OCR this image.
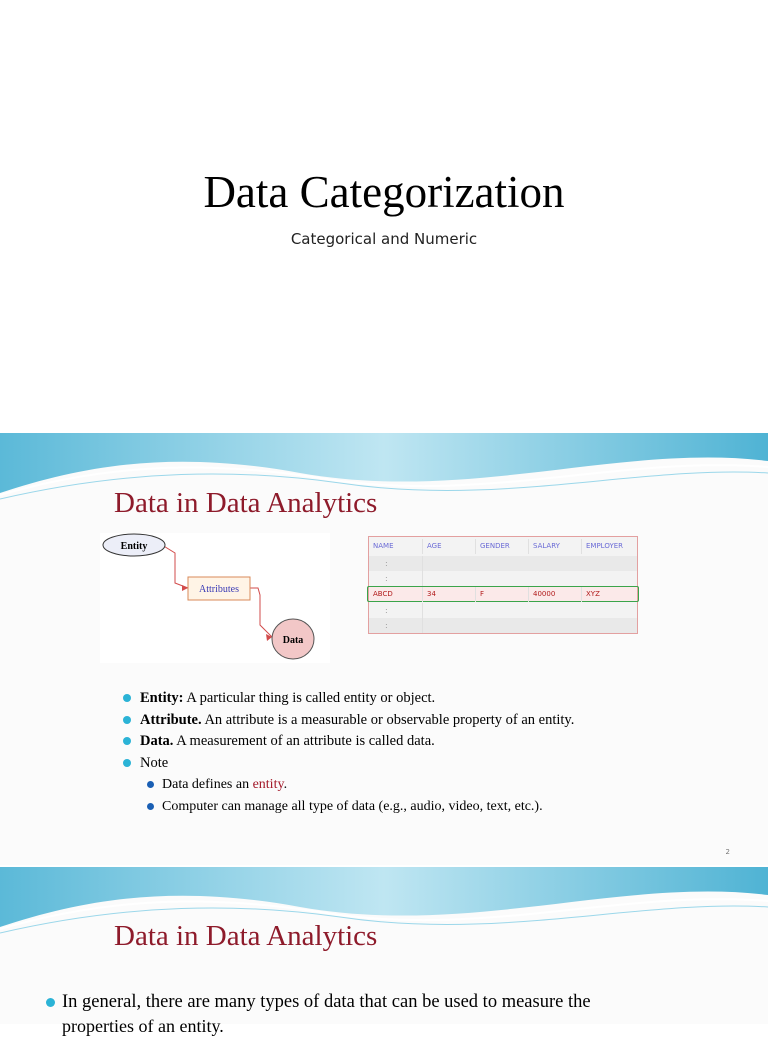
Data Categorization
Categorical and Numeric
Data in Data Analytics
Entity
Attributes
Data
NAME	AGE	GENDER	SALARY	EMPLOYER
:
:
ABCD	34	F	40000	XYZ
:
:
Entity: A particular thing is called entity or object.
Attribute. An attribute is a measurable or observable property of an entity.
Data. A measurement of an attribute is called data.
Note
Data defines an entity.
Computer can manage all type of data (e.g., audio, video, text, etc.).
2
Data in Data Analytics
In general, there are many types of data that can be used to measure the
properties of an entity.
